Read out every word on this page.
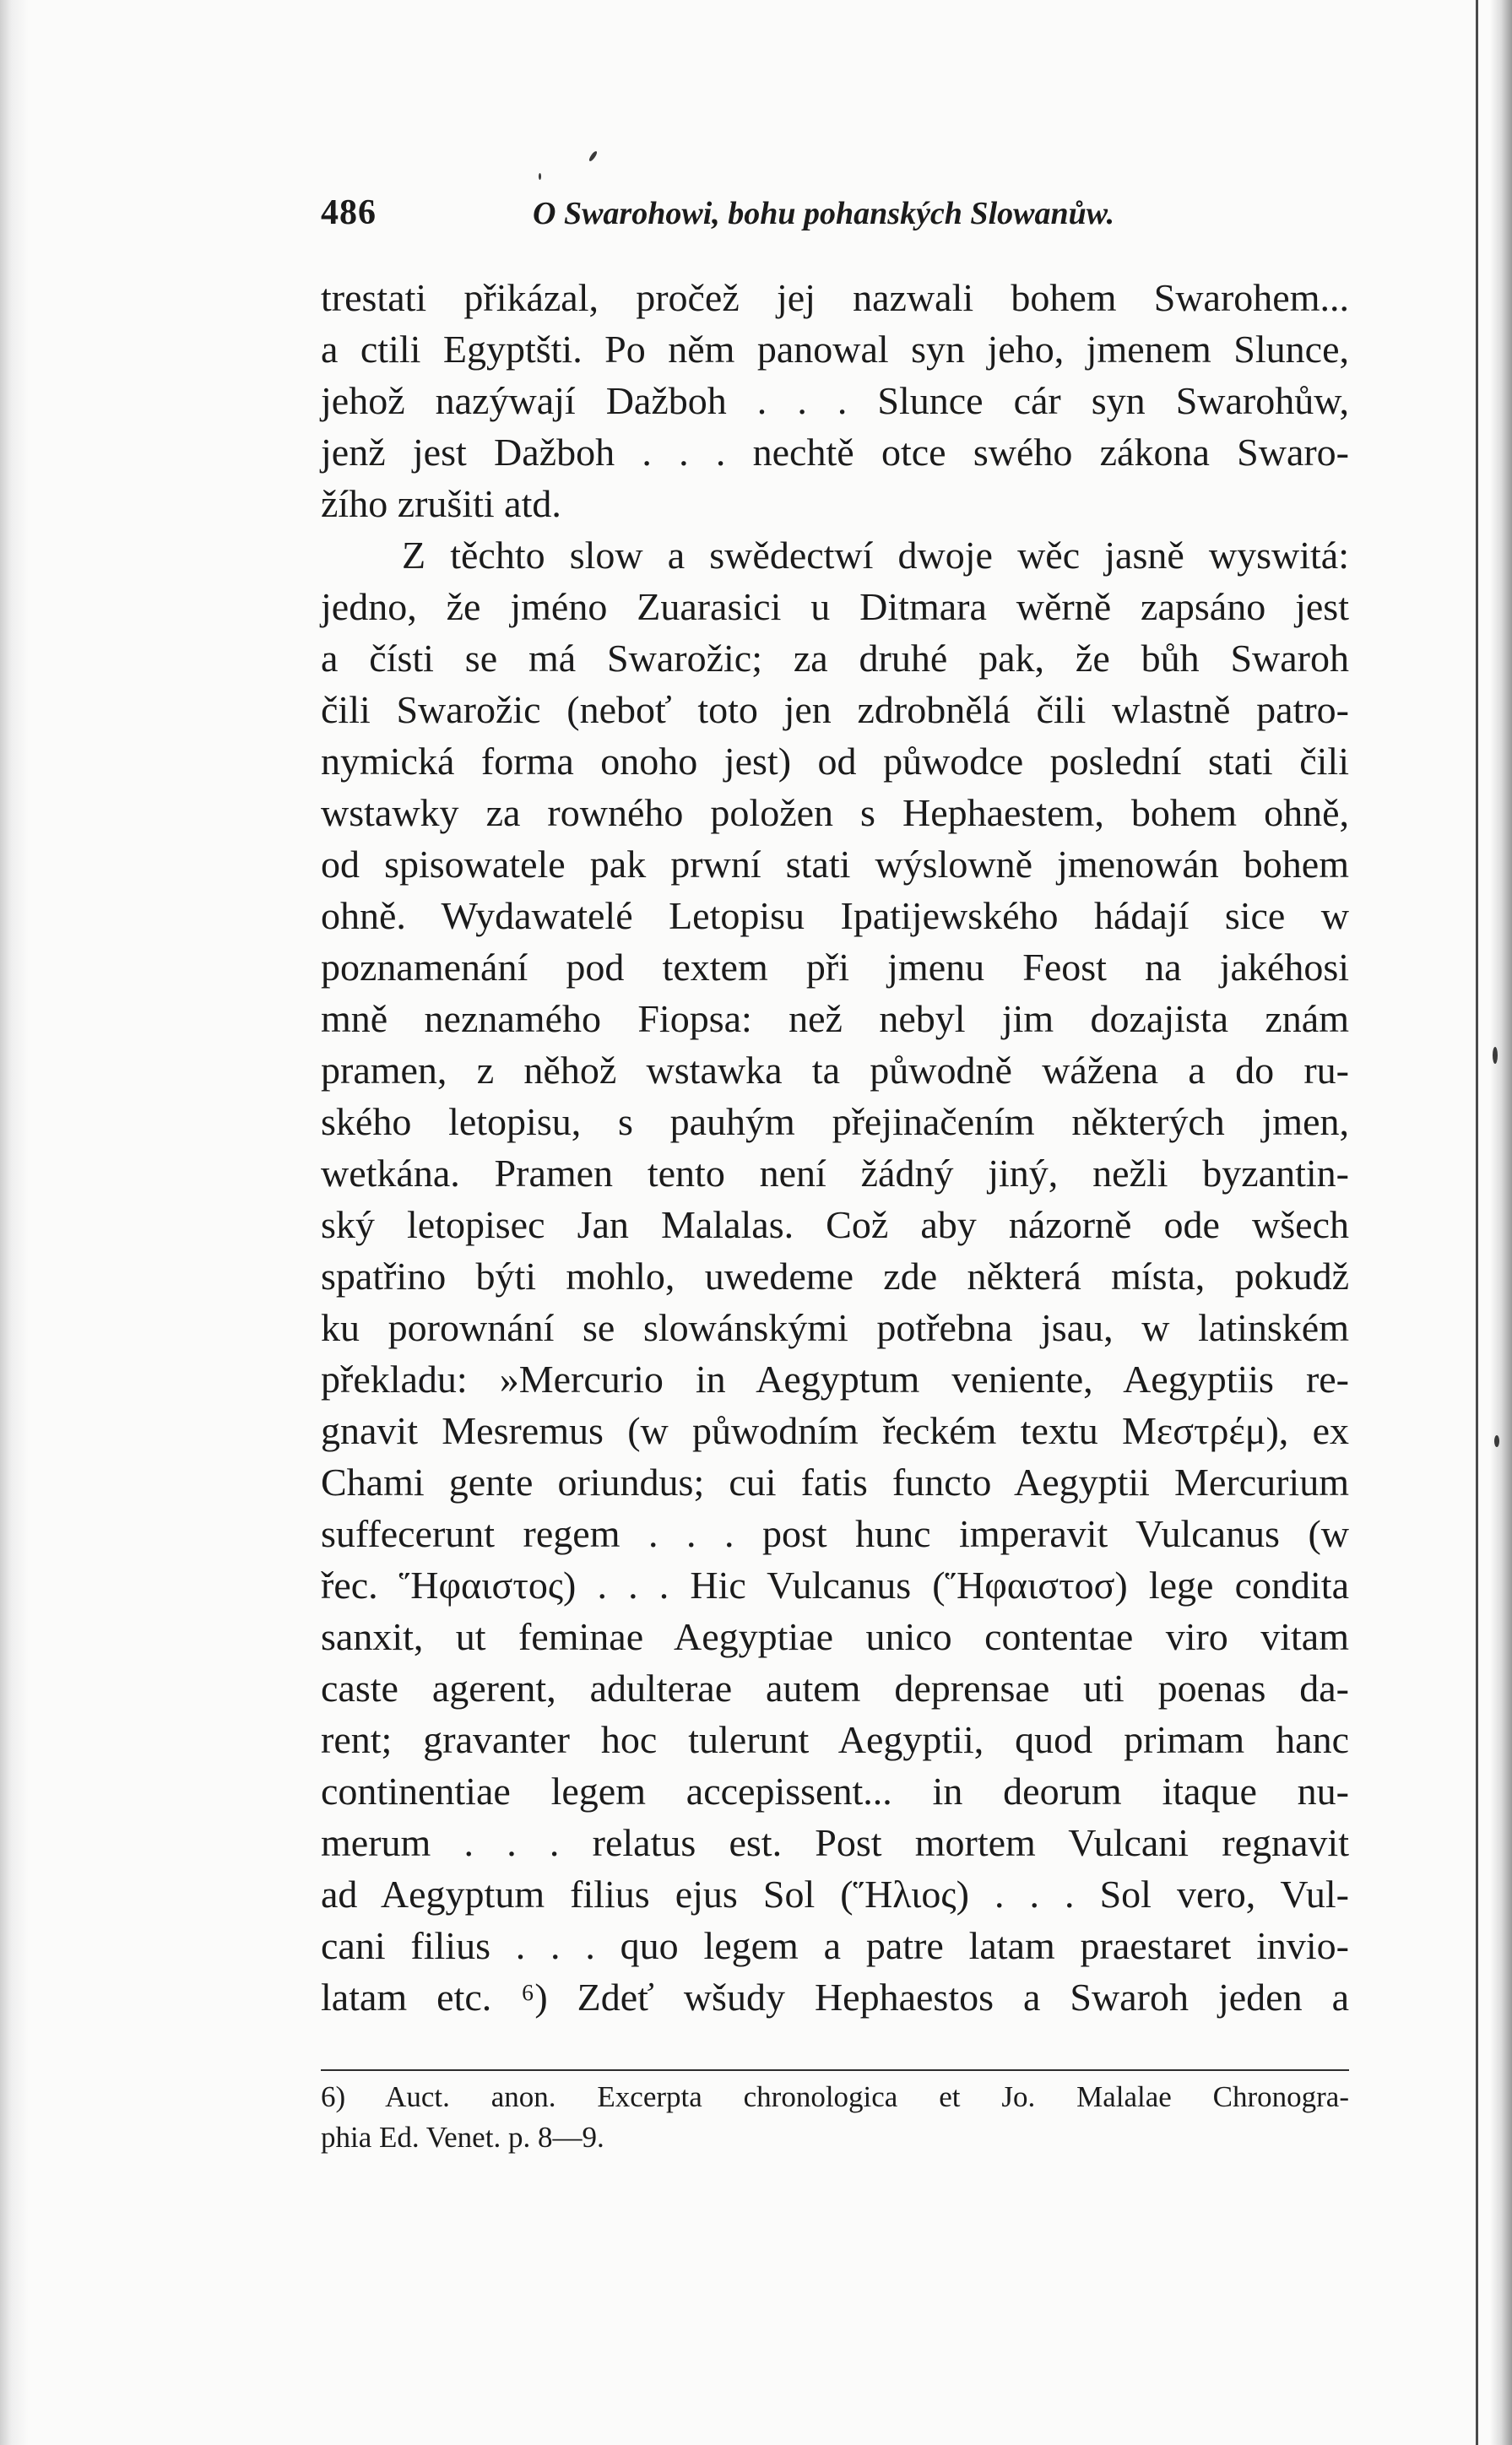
486	O Swarohowi, bohu pohanských Slowanůw.
trestati přikázal, pročež jej nazwali bohem Swarohem...
a ctili Egyptšti. Po něm panowal syn jeho, jmenem Slunce,
jehož nazýwají Dažboh . . . Slunce cár syn Swarohůw,
jenž jest Dažboh . . . nechtě otce swého zákona Swaro-
žího zrušiti atd.
Z těchto slow a swědectwí dwoje wěc jasně wyswitá:
jedno, že jméno Zuarasici u Ditmara wěrně zapsáno jest
a čísti se má Swarožic; za druhé pak, že bůh Swaroh
čili Swarožic (neboť toto jen zdrobnělá čili wlastně patro-
nymická forma onoho jest) od půwodce poslední stati čili
wstawky za rowného položen s Hephaestem, bohem ohně,
od spisowatele pak prwní stati wýslowně jmenowán bohem
ohně. Wydawatelé Letopisu Ipatijewského hádají sice w
poznamenání pod textem při jmenu Feost na jakéhosi
mně neznamého Fiopsa: než nebyl jim dozajista znám
pramen, z něhož wstawka ta půwodně wážena a do ru-
ského letopisu, s pauhým přejinačením některých jmen,
wetkána. Pramen tento není žádný jiný, nežli byzantin-
ský letopisec Jan Malalas. Což aby názorně ode wšech
spatřino býti mohlo, uwedeme zde některá místa, pokudž
ku porownání se slowánskými potřebna jsau, w latinském
překladu: »Mercurio in Aegyptum veniente, Aegyptiis re-
gnavit Mesremus (w půwodním řeckém textu Μεστρέμ), ex
Chami gente oriundus; cui fatis functo Aegyptii Mercurium
suffecerunt regem . . . post hunc imperavit Vulcanus (w
řec. Ἥφαιστος) . . . Hic Vulcanus (Ἥφαιστοσ) lege condita
sanxit, ut feminae Aegyptiae unico contentae viro vitam
caste agerent, adulterae autem deprensae uti poenas da-
rent; gravanter hoc tulerunt Aegyptii, quod primam hanc
continentiae legem accepissent... in deorum itaque nu-
merum . . . relatus est. Post mortem Vulcani regnavit
ad Aegyptum filius ejus Sol (Ἥλιος) . . . Sol vero, Vul-
cani filius . . . quo legem a patre latam praestaret invio-
latam etc. ⁶) Zdeť wšudy Hephaestos a Swaroh jeden a
6) Auct. anon. Excerpta chronologica et Jo. Malalae Chronogra-
phia Ed. Venet. p. 8—9.
